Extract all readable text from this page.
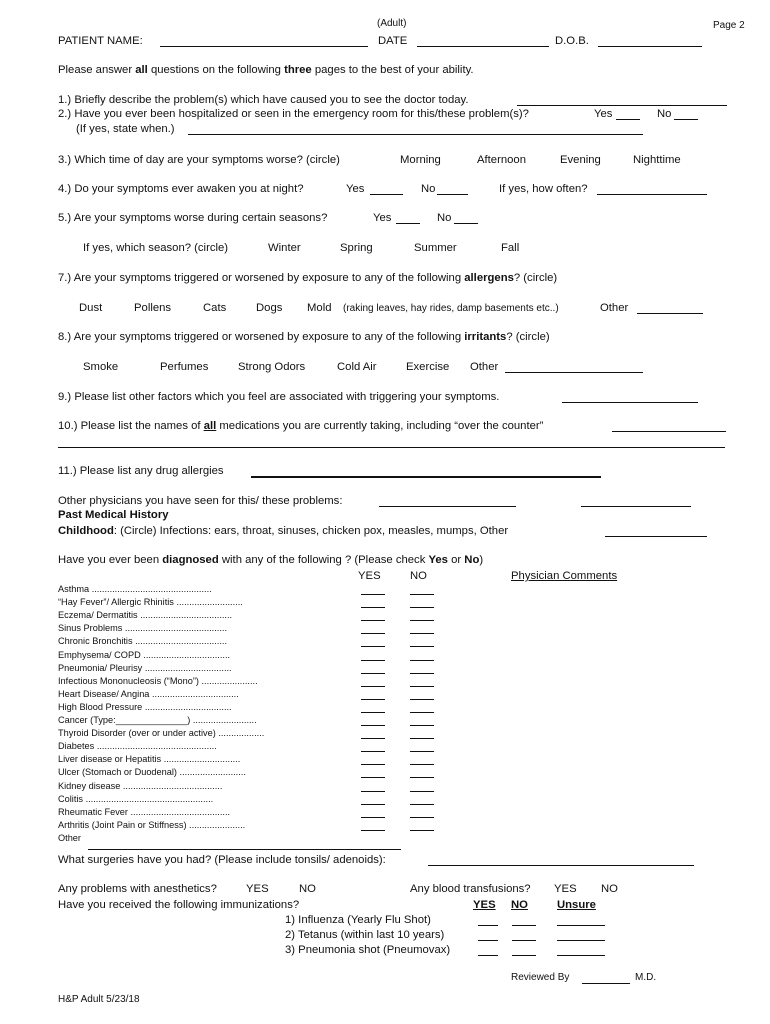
(Adult)	Page 2
PATIENT NAME:	DATE	D.O.B.
Please answer all questions on the following three pages to the best of your ability.
1.) Briefly describe the problem(s) which have caused you to see the doctor today.
2.) Have you ever been hospitalized or seen in the emergency room for this/these problem(s)?	Yes	No
(If yes, state when.)
3.) Which time of day are your symptoms worse? (circle)	Morning	Afternoon	Evening	Nighttime
4.) Do your symptoms ever awaken you at night?	Yes	No	If yes, how often?
5.) Are your symptoms worse during certain seasons?	Yes	No
If yes, which season? (circle)	Winter	Spring	Summer	Fall
7.) Are your symptoms triggered or worsened by exposure to any of the following allergens? (circle)
Dust	Pollens	Cats	Dogs Mold (raking leaves, hay rides, damp basements etc..)	Other
8.) Are your symptoms triggered or worsened by exposure to any of the following irritants? (circle)
Smoke	Perfumes	Strong Odors	Cold Air	Exercise Other
9.) Please list other factors which you feel are associated with triggering your symptoms.
10.) Please list the names of all medications you are currently taking, including “over the counter”
11.) Please list any drug allergies
Other physicians you have seen for this/ these problems:
Past Medical History
Childhood: (Circle) Infections: ears, throat, sinuses, chicken pox, measles, mumps, Other
Have you ever been diagnosed with any of the following ? (Please check Yes or No)
YES	NO	Physician Comments
Asthma ...............................................
“Hay Fever”/ Allergic Rhinitis ..........................
Eczema/ Dermatitis ....................................
Sinus Problems ........................................
Chronic Bronchitis ....................................
Emphysema/ COPD ..................................
Pneumonia/ Pleurisy ..................................
Infectious Mononucleosis (“Mono”) ......................
Heart Disease/ Angina ..................................
High Blood Pressure ..................................
Cancer (Type:______________) .........................
Thyroid Disorder (over or under active) ..................
Diabetes ...............................................
Liver disease or Hepatitis ..............................
Ulcer (Stomach or Duodenal) ..........................
Kidney disease .......................................
Colitis ..................................................
Rheumatic Fever .......................................
Arthritis (Joint Pain or Stiffness) ......................
Other
What surgeries have you had? (Please include tonsils/ adenoids):
Any problems with anesthetics?	YES	NO	Any blood transfusions? YES NO
Have you received the following immunizations?	YES NO	Unsure
1) Influenza (Yearly Flu Shot)
2) Tetanus (within last 10 years)
3) Pneumonia shot (Pneumovax)
Reviewed By	M.D.
H&P Adult 5/23/18
